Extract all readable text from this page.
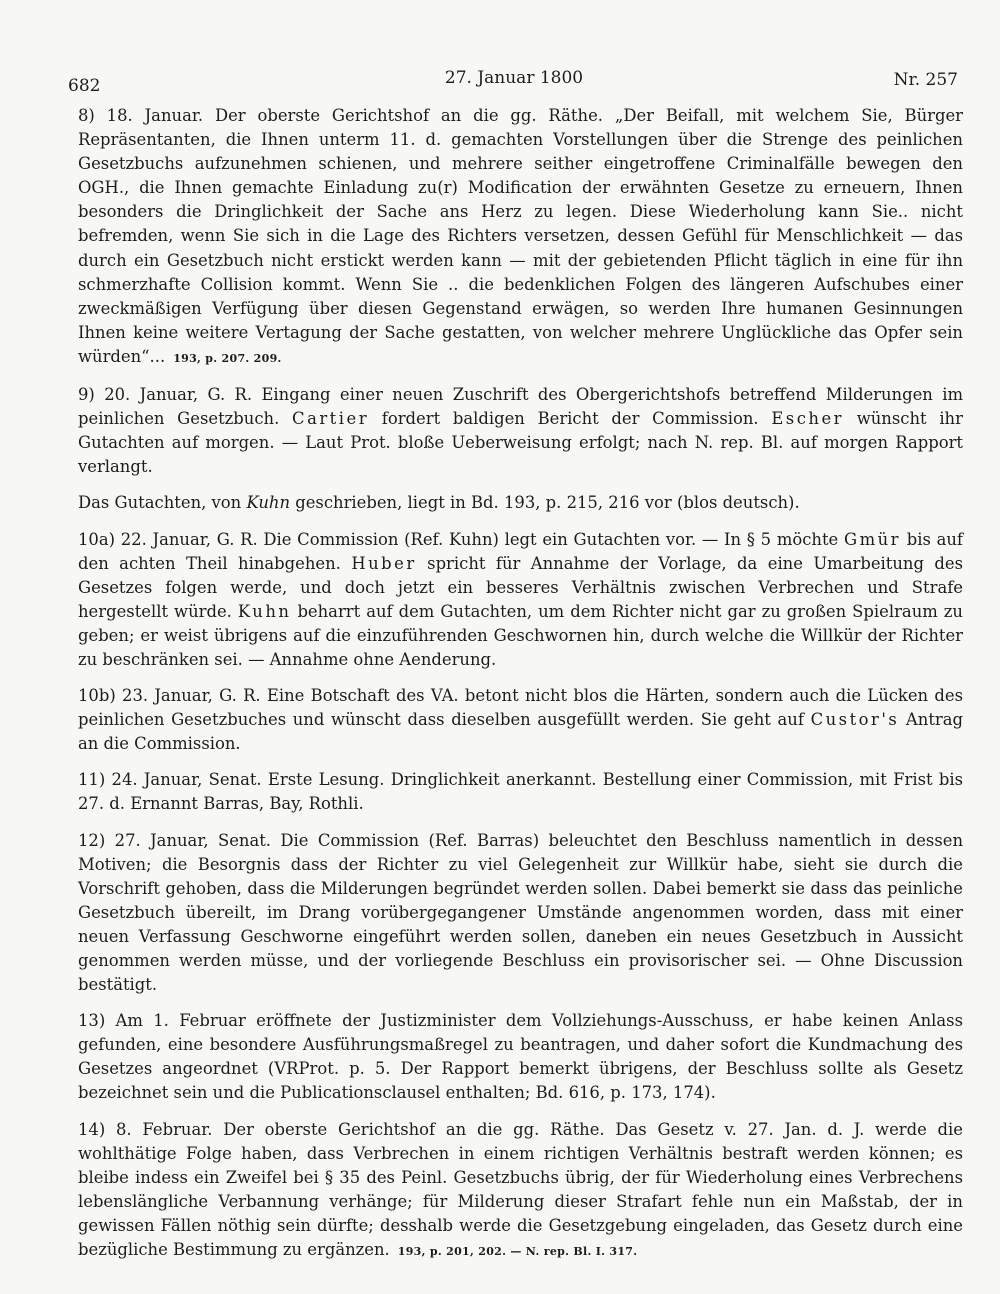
682	27. Januar 1800	Nr. 257

8) 18. Januar. Der oberste Gerichtshof an die gg. Räthe. „Der Beifall, mit welchem Sie, Bürger Repräsentanten, die Ihnen unterm 11. d. gemachten Vorstellungen über die Strenge des peinlichen Gesetzbuchs aufzunehmen schienen, und mehrere seither eingetroffene Criminalfälle bewegen den OGH., die Ihnen gemachte Einladung zu(r) Modification der erwähnten Gesetze zu erneuern, Ihnen besonders die Dringlichkeit der Sache ans Herz zu legen. Diese Wiederholung kann Sie.. nicht befremden, wenn Sie sich in die Lage des Richters versetzen, dessen Gefühl für Menschlichkeit — das durch ein Gesetzbuch nicht erstickt werden kann — mit der gebietenden Pflicht täglich in eine für ihn schmerzhafte Collision kommt. Wenn Sie .. die bedenklichen Folgen des längeren Aufschubes einer zweckmäßigen Verfügung über diesen Gegenstand erwägen, so werden Ihre humanen Gesinnungen Ihnen keine weitere Vertagung der Sache gestatten, von welcher mehrere Unglückliche das Opfer sein würden“... 193, p. 207. 209.

9) 20. Januar, G. R. Eingang einer neuen Zuschrift des Obergerichtshofs betreffend Milderungen im peinlichen Gesetzbuch. Cartier fordert baldigen Bericht der Commission. Escher wünscht ihr Gutachten auf morgen. — Laut Prot. bloße Ueberweisung erfolgt; nach N. rep. Bl. auf morgen Rapport verlangt.

Das Gutachten, von Kuhn geschrieben, liegt in Bd. 193, p. 215, 216 vor (blos deutsch).

10a) 22. Januar, G. R. Die Commission (Ref. Kuhn) legt ein Gutachten vor. — In § 5 möchte Gmür bis auf den achten Theil hinabgehen. Huber spricht für Annahme der Vorlage, da eine Umarbeitung des Gesetzes folgen werde, und doch jetzt ein besseres Verhältnis zwischen Verbrechen und Strafe hergestellt würde. Kuhn beharrt auf dem Gutachten, um dem Richter nicht gar zu großen Spielraum zu geben; er weist übrigens auf die einzuführenden Geschwornen hin, durch welche die Willkür der Richter zu beschränken sei. — Annahme ohne Aenderung.

10b) 23. Januar, G. R. Eine Botschaft des VA. betont nicht blos die Härten, sondern auch die Lücken des peinlichen Gesetzbuches und wünscht dass dieselben ausgefüllt werden. Sie geht auf Custor's Antrag an die Commission.

11) 24. Januar, Senat. Erste Lesung. Dringlichkeit anerkannt. Bestellung einer Commission, mit Frist bis 27. d. Ernannt Barras, Bay, Rothli.

12) 27. Januar, Senat. Die Commission (Ref. Barras) beleuchtet den Beschluss namentlich in dessen Motiven; die Besorgnis dass der Richter zu viel Gelegenheit zur Willkür habe, sieht sie durch die Vorschrift gehoben, dass die Milderungen begründet werden sollen. Dabei bemerkt sie dass das peinliche Gesetzbuch übereilt, im Drang vorübergegangener Umstände angenommen worden, dass mit einer neuen Verfassung Geschworne eingeführt werden sollen, daneben ein neues Gesetzbuch in Aussicht genommen werden müsse, und der vorliegende Beschluss ein provisorischer sei. — Ohne Discussion bestätigt.

13) Am 1. Februar eröffnete der Justizminister dem Vollziehungs-Ausschuss, er habe keinen Anlass gefunden, eine besondere Ausführungsmaßregel zu beantragen, und daher sofort die Kundmachung des Gesetzes angeordnet (VRProt. p. 5. Der Rapport bemerkt übrigens, der Beschluss sollte als Gesetz bezeichnet sein und die Publicationsclausel enthalten; Bd. 616, p. 173, 174).

14) 8. Februar. Der oberste Gerichtshof an die gg. Räthe. Das Gesetz v. 27. Jan. d. J. werde die wohlthätige Folge haben, dass Verbrechen in einem richtigen Verhältnis bestraft werden können; es bleibe indess ein Zweifel bei § 35 des Peinl. Gesetzbuchs übrig, der für Wiederholung eines Verbrechens lebenslängliche Verbannung verhänge; für Milderung dieser Strafart fehle nun ein Maßstab, der in gewissen Fällen nöthig sein dürfte; desshalb werde die Gesetzgebung eingeladen, das Gesetz durch eine bezügliche Bestimmung zu ergänzen. 193, p. 201, 202. — N. rep. Bl. I. 317.
